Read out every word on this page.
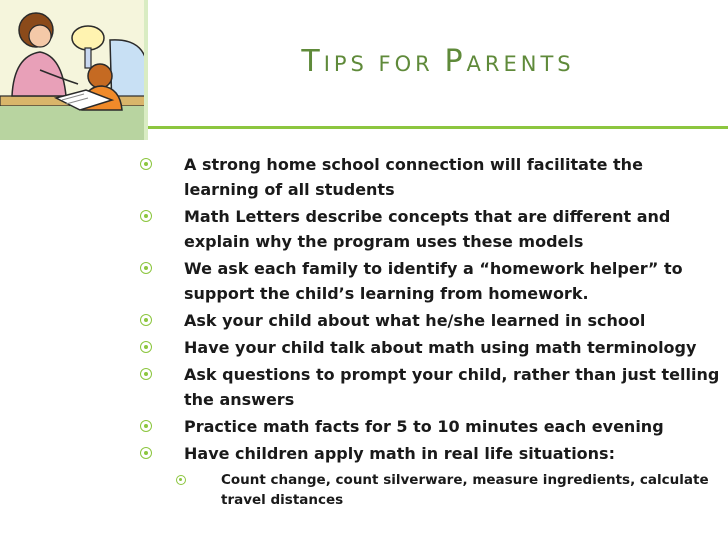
TIPS FOR PARENTS
A strong home school connection will facilitate the learning of all students
Math Letters describe concepts that are different and explain why the program uses these models
We ask each family to identify a “homework helper” to support the child’s learning from homework.
Ask your child about what he/she learned in school
Have your child talk about math using math terminology
Ask questions to prompt your child, rather than just telling the answers
Practice math facts for 5 to 10 minutes each evening
Have children apply math in real life situations:
Count change, count silverware, measure ingredients, calculate travel distances
